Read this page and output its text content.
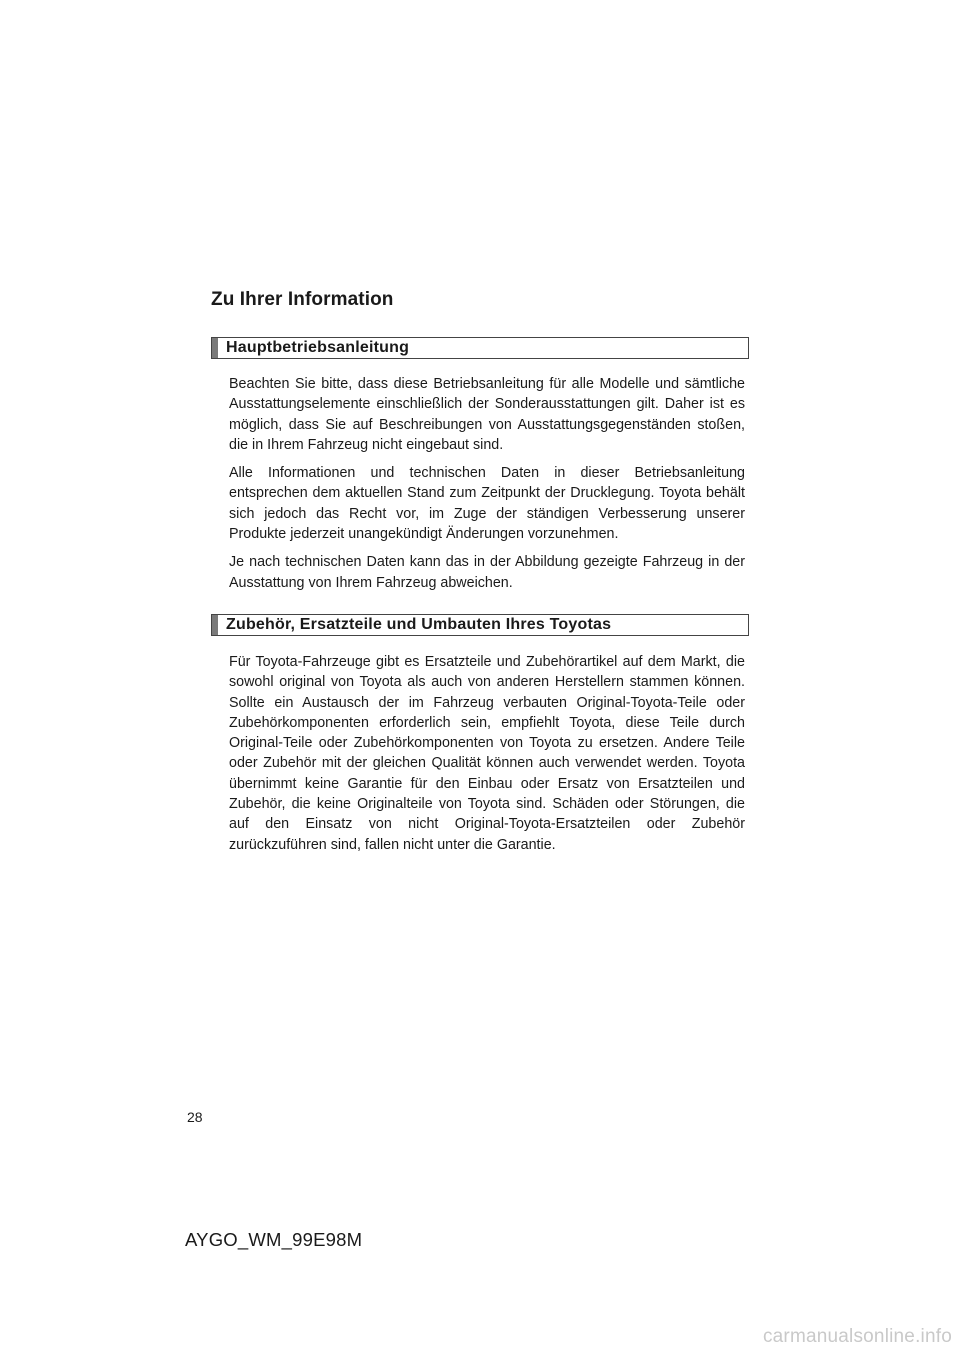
Zu Ihrer Information
Hauptbetriebsanleitung

Beachten Sie bitte, dass diese Betriebsanleitung für alle Modelle und sämtliche Ausstattungselemente einschließlich der Sonderausstattungen gilt. Daher ist es möglich, dass Sie auf Beschreibungen von Ausstattungsgegenständen stoßen, die in Ihrem Fahrzeug nicht eingebaut sind.

Alle Informationen und technischen Daten in dieser Betriebsanleitung entsprechen dem aktuellen Stand zum Zeitpunkt der Drucklegung. Toyota behält sich jedoch das Recht vor, im Zuge der ständigen Verbesserung unserer Produkte jederzeit unangekündigt Änderungen vorzunehmen.

Je nach technischen Daten kann das in der Abbildung gezeigte Fahrzeug in der Ausstattung von Ihrem Fahrzeug abweichen.

Zubehör, Ersatzteile und Umbauten Ihres Toyotas

Für Toyota-Fahrzeuge gibt es Ersatzteile und Zubehörartikel auf dem Markt, die sowohl original von Toyota als auch von anderen Herstellern stammen können. Sollte ein Austausch der im Fahrzeug verbauten Original-Toyota-Teile oder Zubehörkomponenten erforderlich sein, empfiehlt Toyota, diese Teile durch Original-Teile oder Zubehörkomponenten von Toyota zu ersetzen. Andere Teile oder Zubehör mit der gleichen Qualität können auch verwendet werden. Toyota übernimmt keine Garantie für den Einbau oder Ersatz von Ersatzteilen und Zubehör, die keine Originalteile von Toyota sind. Schäden oder Störungen, die auf den Einsatz von nicht Original-Toyota-Ersatzteilen oder Zubehör zurückzuführen sind, fallen nicht unter die Garantie.

28
AYGO_WM_99E98M
carmanualsonline.info
